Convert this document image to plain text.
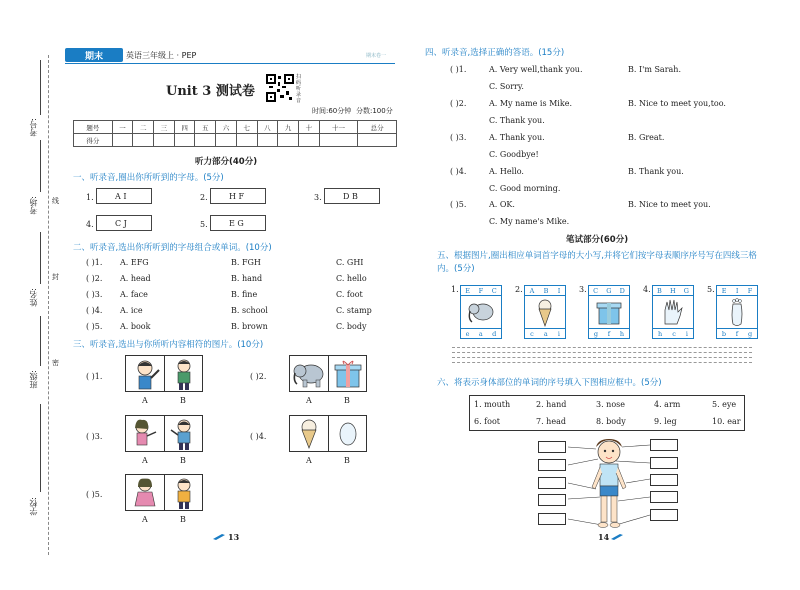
期末	英语三年级上 · PEP	期末卷一
考号:
考场:
姓名:
班级:
学校:
线
封
密
Unit 3 测试卷
扫码听录音
时间:60分钟 分数:100分
题号	一	二	三	四	五	六	七	八	九	十	十一	总分
得分												
听力部分(40分)
一、听录音,圈出你所听到的字母。(5分)
1.	A I	2.	H F	3.	D B
4.	C J	5.	E G
二、听录音,选出你所听到的字母组合或单词。(10分)
( )1. A. EFG	B. FGH	C. GHI
( )2. A. head	B. hand	C. hello
( )3. A. face	B. fine	C. foot
( )4. A. ice	B. school	C. stamp
( )5. A. book	B. brown	C. body
三、听录音,选出与你所听内容相符的图片。(10分)
( )1.
A	B
( )2.
A	B
( )3.
A	B
( )4.
A	B
( )5.
A	B
13
四、听录音,选择正确的答语。(15分)
( )1.	A. Very well,thank you.	B. I'm Sarah.
C. Sorry.
( )2.	A. My name is Mike.	B. Nice to meet you,too.
C. Thank you.
( )3.	A. Thank you.	B. Great.
C. Goodbye!
( )4.	A. Hello.	B. Thank you.
C. Good morning.
( )5.	A. OK.	B. Nice to meet you.
C. My name's Mike.
笔试部分(60分)
五、根据图片,圈出相应单词首字母的大小写,并将它们按字母表顺序序号写在四线三格内。(5分)
1. E F C
e a d
2. A B I
c a i
3. C G D
g f h
4. B H G
h c i
5. E I F
b f g
六、将表示身体部位的单词的序号填入下图相应框中。(5分)
1. mouth	2. hand	3. nose	4. arm	5. eye
6. foot	7. head	8. body	9. leg	10. ear
14
